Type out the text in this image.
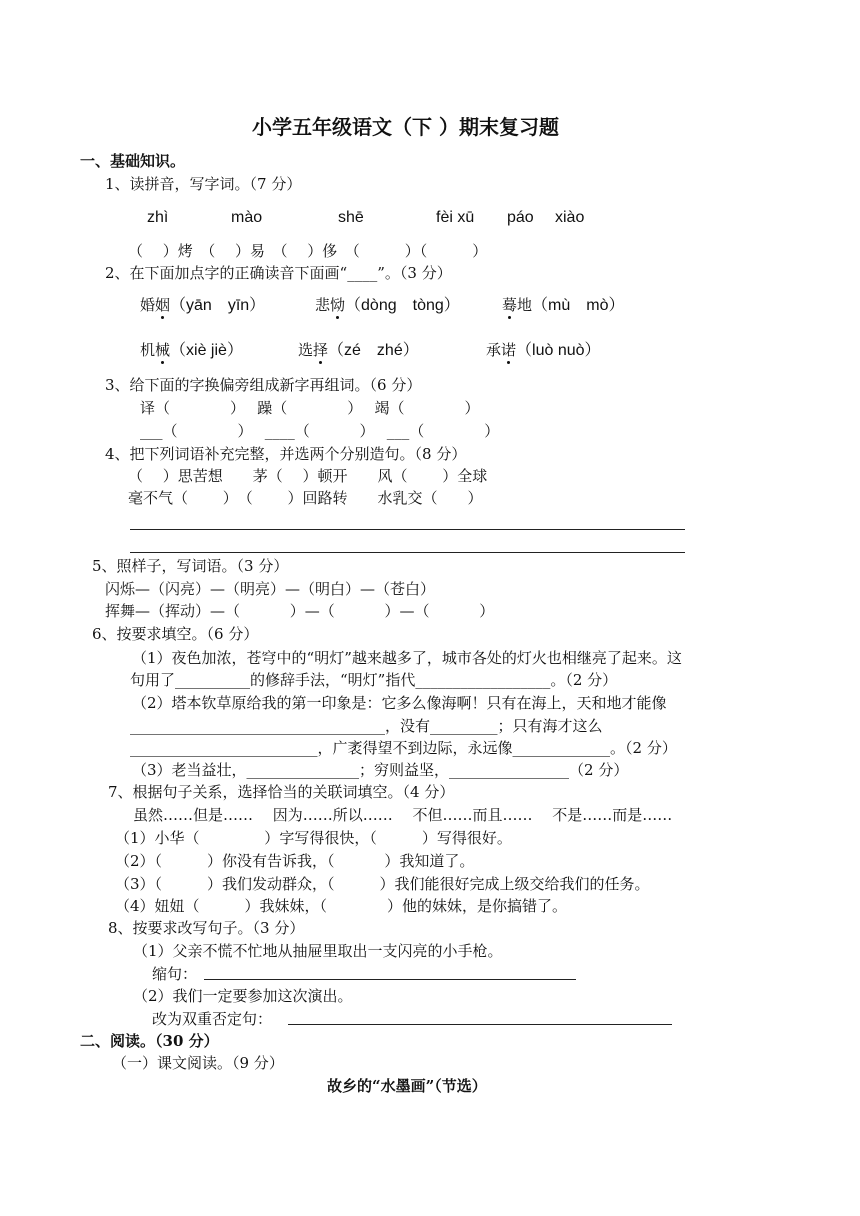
小学五年级语文（下 ）期末复习题
一、基础知识。
1、读拼音，写字词。（7 分）
zhì	mào	shē	fèi xū páo xiào
（　 ）烤　（　 ）易　（　 ）侈　（　　　）（　　　）
2、在下面加点字的正确读音下面画“____”。（3 分）
婚姻（yān　yīn）	悲恸（dòng　tòng）	蓦地（mù　mò）
机械（xiè jiè）	选择（zé　zhé）	承诺（luò nuò）
3、给下面的字换偏旁组成新字再组词。（6 分）
译（　　　　）　 躁（　　　　）　 竭（　　　　）
___（　　　　）　 ____（　　　 ）　 ___（　　　　）
4、把下列词语补充完整，并选两个分别造句。（8 分）
（　 ）思苦想　　茅（　 ）顿开　　风（　　 ）全球
毫不气（　　 ）　（　　 ）回路转　　水乳交（　　）
5、照样子，写词语。（3 分）
闪烁—（闪亮）—（明亮）—（明白）—（苍白）
挥舞—（挥动）—（　　　 ）—（　　　 ）—（　　　 ）
6、按要求填空。（6 分）
（1）夜色加浓，苍穹中的“明灯”越来越多了，城市各处的灯火也相继亮了起来。这
句用了__________的修辞手法，“明灯”指代__________________。（2 分）
（2）塔本钦草原给我的第一印象是：它多么像海啊！只有在海上，天和地才能像
__________________________________，没有_________；只有海才这么
_________________________，广袤得望不到边际，永远像_____________。（2 分）
（3）老当益壮，_______________；穷则益坚，________________（2 分）
7、根据句子关系，选择恰当的关联词填空。（4 分）
虽然……但是……　 因为……所以……　 不但……而且……　 不是……而是……
（1）小华（　　　　 ）字写得很快，（　　　）写得很好。
（2）（　　　）你没有告诉我，（　　　 ）我知道了。
（3）（　　　）我们发动群众，（　　　）我们能很好完成上级交给我们的任务。
（4）妞妞（　　　）我妹妹，（　　　　）他的妹妹，是你搞错了。
8、按要求改写句子。（3 分）
（1）父亲不慌不忙地从抽屉里取出一支闪亮的小手枪。
缩句：
（2）我们一定要参加这次演出。
改为双重否定句：
二、阅读。（30 分）
（一）课文阅读。（9 分）
故乡的“水墨画”（节选）
